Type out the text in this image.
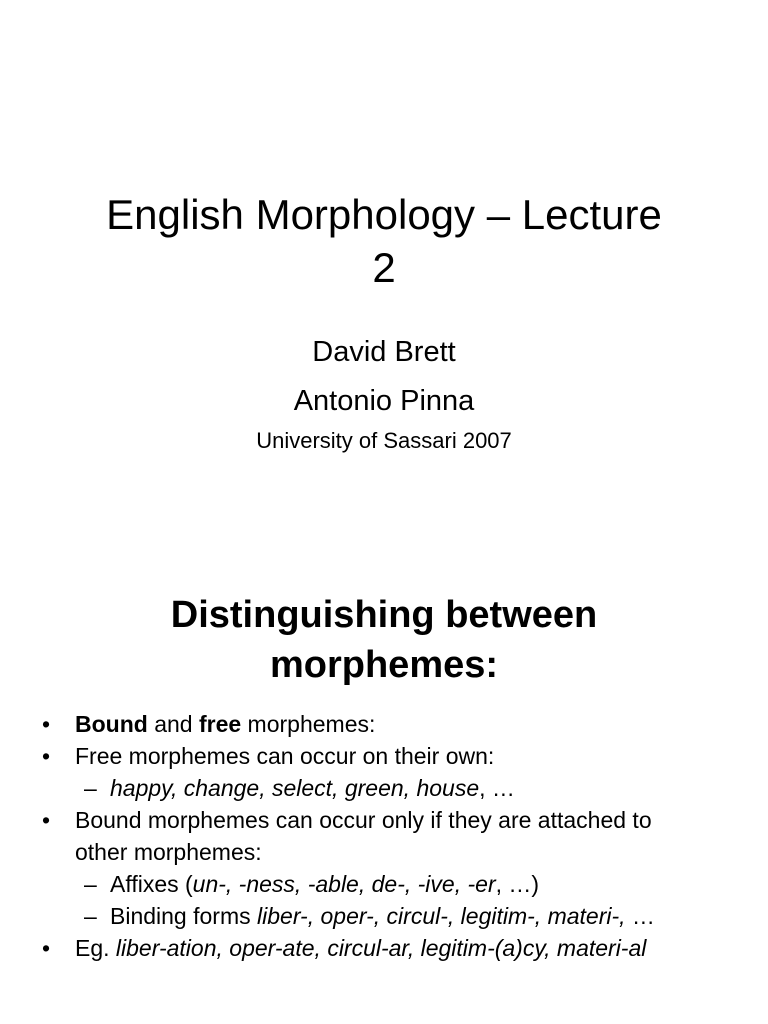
English Morphology – Lecture
2
David Brett
Antonio Pinna
University of Sassari 2007
Distinguishing between
morphemes:
• Bound and free morphemes:
• Free morphemes can occur on their own:
– happy, change, select, green, house, …
• Bound morphemes can occur only if they are attached to
other morphemes:
– Affixes (un-, -ness, -able, de-, -ive, -er, …)
– Binding forms liber-, oper-, circul-, legitim-, materi-, …
• Eg. liber-ation, oper-ate, circul-ar, legitim-(a)cy, materi-al
